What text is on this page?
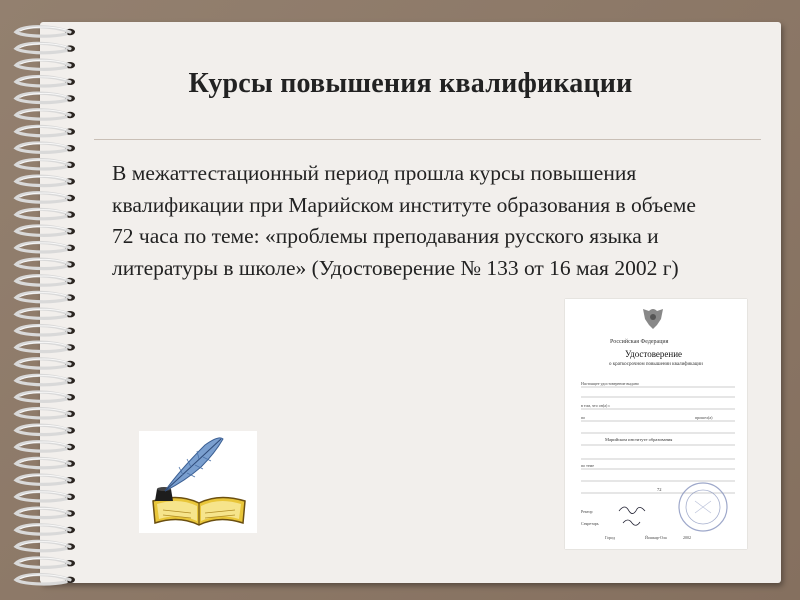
Курсы повышения квалификации
В межаттестационный период прошла курсы повышения квалификации при Марийском институте образования в объеме 72 часа по теме: «проблемы преподавания русского языка и литературы в школе» (Удостоверение № 133 от 16 мая 2002 г)
Российская Федерация
Удостоверение
о краткосрочном повышении квалификации
Настоящее удостоверение выдано
в том, что он(а) с
по	прошел(а)
Марийском институте образования
по теме
72
Ректор
Секретарь
Город	Йошкар-Ола	2002
